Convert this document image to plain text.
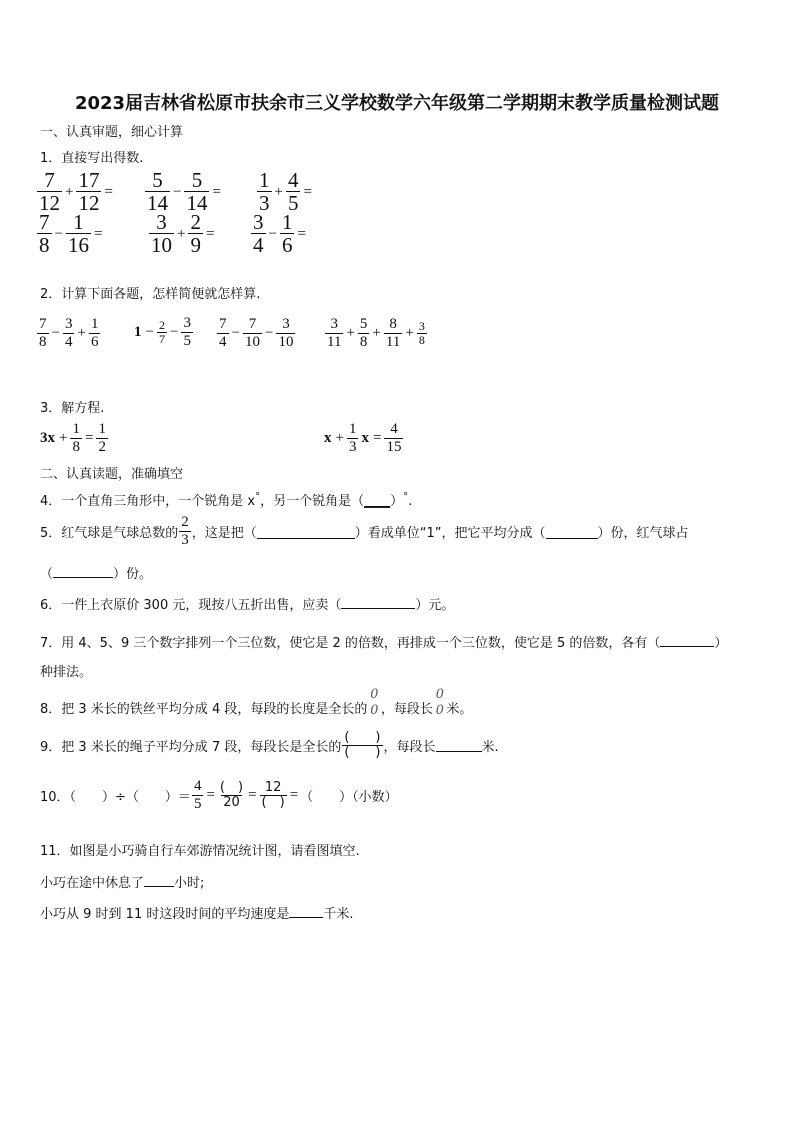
2023届吉林省松原市扶余市三义学校数学六年级第二学期期末教学质量检测试题
一、认真审题，细心计算
1．直接写出得数.
$\frac{7}{12} + \frac{17}{12} = \frac{5}{14} - \frac{5}{14} = \frac{1}{3} + \frac{4}{5}$ =
$\frac{7}{8} - \frac{1}{16} = \frac{3}{10} + \frac{2}{9} = \frac{3}{4} - \frac{1}{6}$ =
2．计算下面各题，怎样简便就怎样算.
$\frac{7}{8} - \frac{3}{4} + \frac{1}{6} 1 - \frac{2}{7} - \frac{3}{5} \frac{7}{4} - \frac{7}{10} - \frac{3}{10} \frac{3}{11} + \frac{5}{8} + \frac{8}{11} + \frac{3}{8}$
3．解方程.
$3x + \frac{1}{8} = \frac{1}{2}$	$x + \frac{1}{3}$ $x = \frac{4}{15}$
二、认真读题，准确填空
4．一个直角三角形中，一个锐角是 x°，另一个锐角是（____）°.
5．红气球是气球总数的 $\frac{2}{3}$ ，这是把（	）看成单位“1”，把它平均分成（	）份，红气球占
（	）份。
6．一件上衣原价 300 元，现按八五折出售，应卖（	）元。
7．用 4、5、9 三个数字排列一个三位数，使它是 2 的倍数，再排成一个三位数，使它是 5 的倍数，各有（	）
种排法。
8．把 3 米长的铁丝平均分成 4 段，每段的长度是全长的
0
0 ，每段长
0
0 米。
9．把 3 米长的绳子平均分成 7 段，每段长是全长的 $\frac{( )}{( )}$ ，每段长	米.
10．（　　）÷（　　）＝ $\frac{4}{5} = \frac{( )}{20} = \frac{12}{( )}$ = （　　）（小数）
11．如图是小巧骑自行车郊游情况统计图，请看图填空.
小巧在途中休息了 小时;
小巧从 9 时到 11 时这段时间的平均速度是	千米.
